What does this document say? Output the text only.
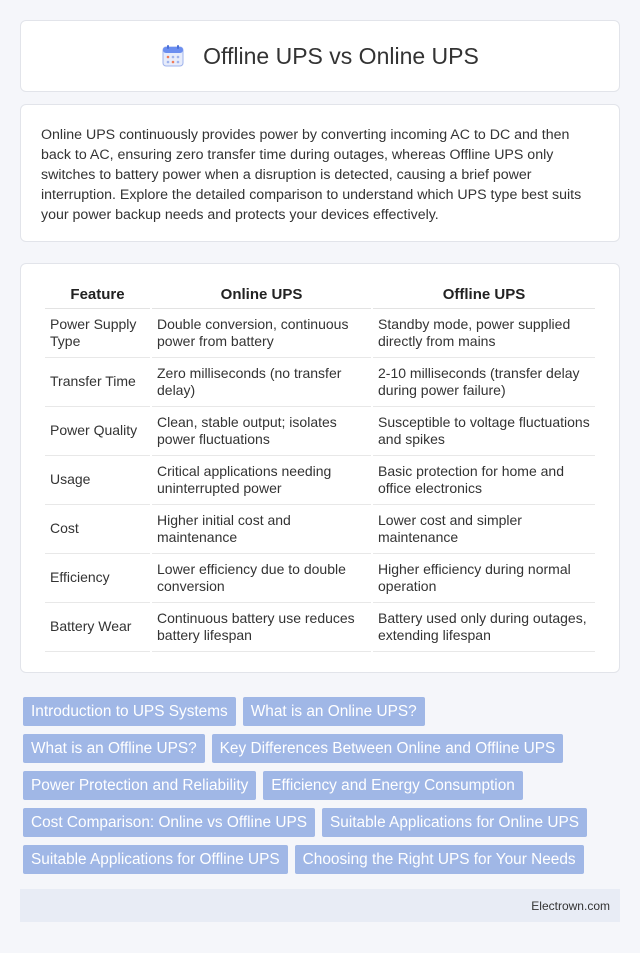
Offline UPS vs Online UPS

Online UPS continuously provides power by converting incoming AC to DC and then back to AC, ensuring zero transfer time during outages, whereas Offline UPS only switches to battery power when a disruption is detected, causing a brief power interruption. Explore the detailed comparison to understand which UPS type best suits your power backup needs and protects your devices effectively.

Feature	Online UPS	Offline UPS
Power Supply Type	Double conversion, continuous power from battery	Standby mode, power supplied directly from mains
Transfer Time	Zero milliseconds (no transfer delay)	2-10 milliseconds (transfer delay during power failure)
Power Quality	Clean, stable output; isolates power fluctuations	Susceptible to voltage fluctuations and spikes
Usage	Critical applications needing uninterrupted power	Basic protection for home and office electronics
Cost	Higher initial cost and maintenance	Lower cost and simpler maintenance
Efficiency	Lower efficiency due to double conversion	Higher efficiency during normal operation
Battery Wear	Continuous battery use reduces battery lifespan	Battery used only during outages, extending lifespan
Introduction to UPS Systems	What is an Online UPS?
What is an Offline UPS?	Key Differences Between Online and Offline UPS
Power Protection and Reliability	Efficiency and Energy Consumption
Cost Comparison: Online vs Offline UPS	Suitable Applications for Online UPS
Suitable Applications for Offline UPS	Choosing the Right UPS for Your Needs
Electrown.com
